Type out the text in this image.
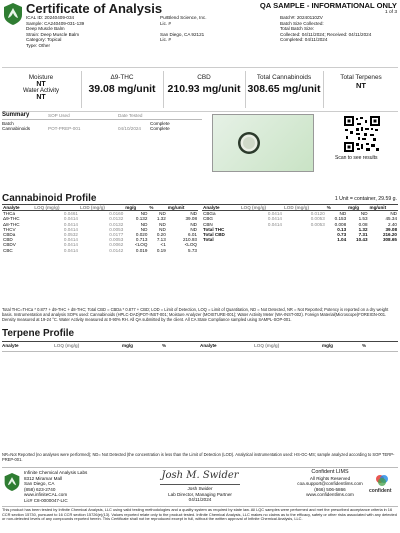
Certificate of Analysis	QA SAMPLE - INFORMATIONAL ONLY
1 of 3
ICAL ID: 20240409-034
Sample: CA240409-031-139
Deep Muscle Balm
Strain: Deep Muscle Balm
Category: Topical
Type: Other
PurBlend Science, Inc.
Lic. #
San Diego, CA 92121
Lic. #
Batch#: 20240110ZV
Batch Size Collected:
Total Batch Size:
Collected: 04/11/2024; Received: 04/11/2024
Completed: 04/11/2024
Moisture
NT
Water Activity
NT
Δ9-THC
39.08 mg/unit
CBD
210.93 mg/unit
Total Cannabinoids
308.65 mg/unit
Total Terpenes
NT
Summary	SOP Used	Date Tested
Batch	Complete
Cannabinoids	POT-PREP-001	04/10/2024 Complete
Scan to see results
Cannabinoid Profile	1 Unit = container, 29.59 g.
Analyte	LOQ (mg/g)	LOD (mg/g)	mg/g	%	mg/unit
THCa	0.0461	0.0160	ND	ND	ND
Δ9-THC	0.0414	0.0132	0.132	1.32	39.08
Δ8-THC	0.0414	0.0132	ND	ND	ND
THCV	0.0414	0.0053	ND	ND	ND
CBDa	0.0532	0.0177	0.020	0.20	6.01
CBD	0.0414	0.0053	0.713	7.13	210.93
CBDV	0.0414	0.0062	<LOQ	<1	<LOQ
CBC	0.0414	0.0142	0.019	0.19	5.73
Analyte	LOQ (mg/g)	LOD (mg/g)	%	mg/g	mg/unit
CBGa	0.0414	0.0120	ND	ND	ND
CBG	0.0414	0.0053	0.153	1.53	45.34
CBN	0.0414	0.0053	0.008	0.08	2.40
Total THC			0.13	1.32	39.08
Total CBD			0.73	7.31	216.20
Total			1.04	10.43	308.65
Total THC=THCa * 0.877 + d9-THC + d8-THC; Total CBD = CBDa * 0.877 + CBD; LOD = Limit of Detection, LOQ = Limit of Quantitation, ND = Not Detected, NR = Not Reported; Potency is reported on a dry weight basis. Instrumentation and analysis SOPs used: Cannabinoids (HPLC-DAD)POT-INST-001; Moisture Analyzer (MOISTURE-001); Water Activity Meter (WA-INST-002). Foreign Material(Microscope)FOREIGN-001. Density measured at 19-24 °C. Water Activity measured at 0-90% RH. All QA submitted by the client. All CA State Compliance sampled using SAMPL-SOP-001.
Terpene Profile
Analyte	LOQ (mg/g)	mg/g	%	Analyte	LOQ (mg/g)	mg/g	%
NR=Not Reported (no analyses were performed); ND= Not Detected (the concentration is less than the Limit of Detection (LOD). Analytical instrumentation used: HS-GC-MS; sample analyzed according to SOP TERP-PREP-001.
Infinite Chemical Analysis Labs
8312 Miramar Mall
San Diego, CA
(858) 623-2740
www.infiniteCAL.com
Lic# C8-0000047-LIC
Josh M. Swider
Josh Swider
Lab Director, Managing Partner
04/11/2024
Confident LIMS
All Rights Reserved
coa.support@confidentlims.com
(866) 506-5866
www.confidentlims.com
confident
This product has been tested by Infinite Chemical Analysis, LLC using valid testing methodologies and a quality system as required by state law. All LQC samples were performed and met the prescribed acceptance criteria in 16 CCR section 15730, pursuant to 16 CCR section 15726(e)(13). Values reported relate only to the product tested. Infinite Chemical Analysis, LLC makes no claims as to the efficacy, safety or other risks associated with any detected or non-detected levels of any compounds reported herein. This Certificate shall not be reproduced except in full, without the written approval of Infinite Chemical Analysis, LLC.
